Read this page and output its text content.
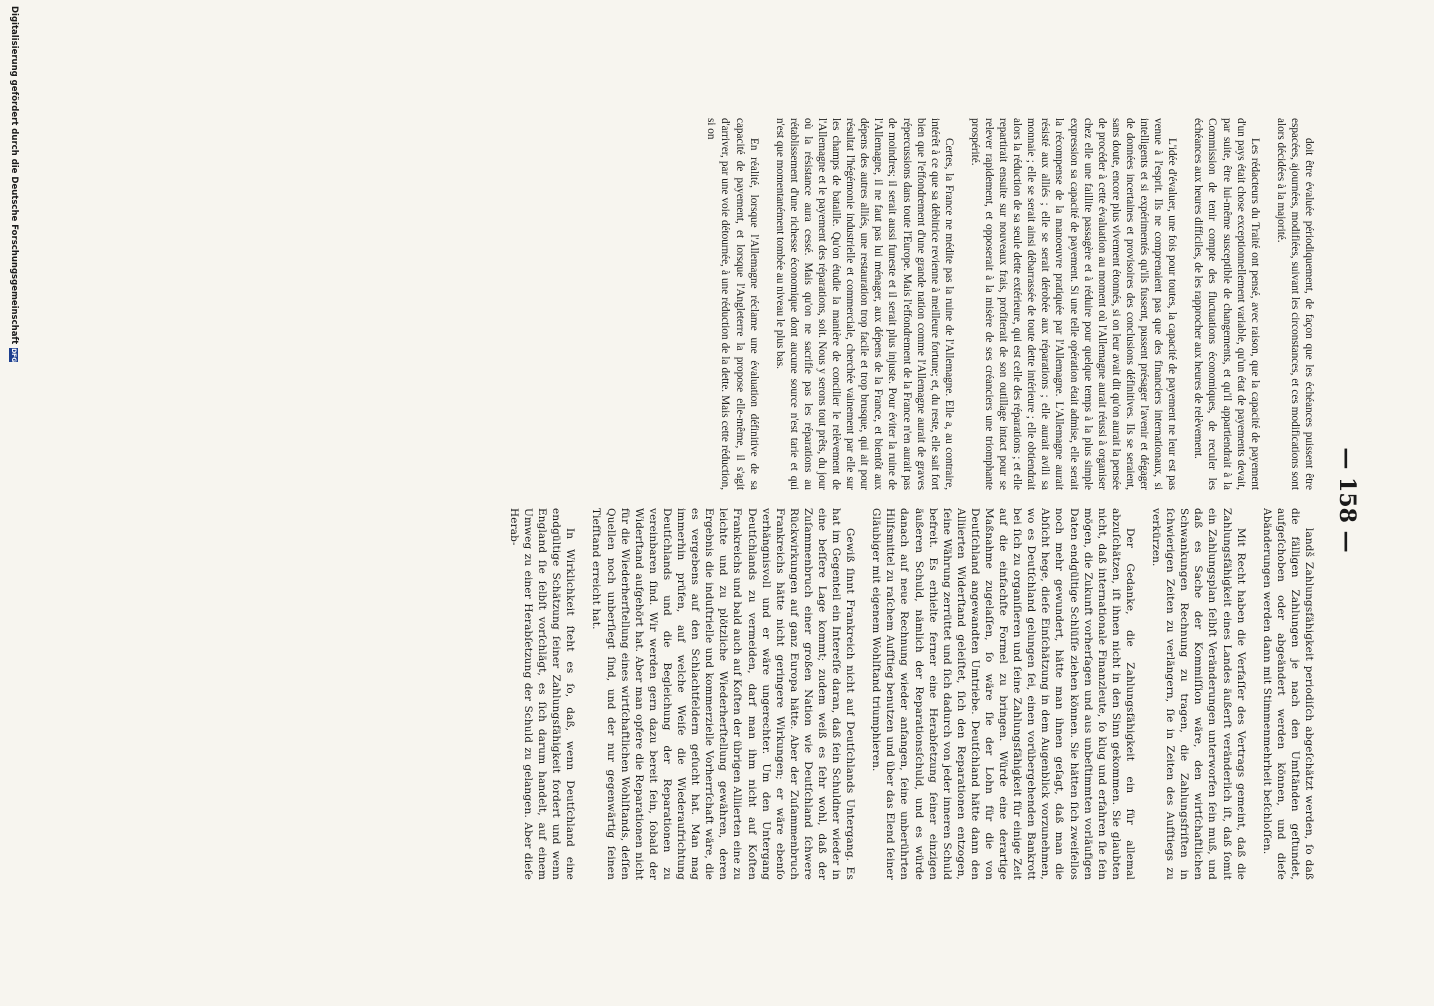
— 158 —

doit être évaluée périodiquement, de façon que les échéances puissent être espacées, ajournées, modifiées, suivant les circonstances, et ces modifications sont alors décidées à la majorité.

Les rédacteurs du Traité ont pensé, avec raison, que la capacité de payement d'un pays était chose exceptionnellement variable, qu'un état de payements devait, par suite, être lui-même susceptible de changements, et qu'il appartiendrait à la Commission de tenir compte des fluctuations économiques, de reculer les échéances aux heures difficiles, de les rapprocher aux heures de relèvement.

L'idée d'évaluer, une fois pour toutes, la capacité de payement ne leur est pas venue à l'esprit. Ils ne comprenaient pas que des financiers internationaux, si intelligents et si expérimentés qu'ils fussent, pussent présager l'avenir et dégager de données incertaines et provisoires des conclusions définitives. Ils se seraient, sans doute, encore plus vivement étonnés, si on leur avait dit qu'on aurait la pensée de procéder à cette évaluation au moment où l'Allemagne aurait réussi à organiser chez elle une faillite passagère et à réduire pour quelque temps à la plus simple expression sa capacité de payement. Si une telle opération était admise, elle serait la récompense de la manoeuvre pratiquée par l'Allemagne. L'Allemagne aurait résisté aux alliés ; elle se serait dérobée aux réparations ; elle aurait avili sa monnaie ; elle se serait ainsi débarrassée de toute dette intérieure ; elle obtiendrait alors la réduction de sa seule dette extérieure, qui est celle des réparations ; et elle repartirait ensuite sur nouveaux frais, profiterait de son outillage intact pour se relever rapidement, et opposerait à la misère de ses créanciers une triomphante prospérité.

Certes, la France ne médite pas la ruine de l'Allemagne. Elle a, au contraire, intérêt à ce que sa débitrice revienne à meilleure fortune; et, du reste, elle sait fort bien que l'effondrement d'une grande nation comme l'Allemagne aurait de graves répercussions dans toute l'Europe. Mais l'effondrement de la France n'en aurait pas de moindres; il serait aussi funeste et il serait plus injuste. Pour éviter la ruine de l'Allemagne, il ne faut pas lui ménager, aux dépens de la France, et bientôt aux dépens des autres alliés, une restauration trop facile et trop brusque, qui ait pour résultat l'hégémonie industrielle et commerciale, cherchée vainement par elle sur les champs de bataille. Qu'on étudie la manière de concilier le relèvement de l'Allemagne et le payement des réparations, soit. Nous y serons tout prêts, du jour où la résistance aura cessé. Mais qu'on ne sacrifie pas les réparations au rétablissement d'une richesse économique dont aucune source n'est tarie et qui n'est que momentanément tombée au niveau le plus bas.

En réalité, lorsque l'Allemagne réclame une évaluation définitive de sa capacité de payement, et lorsque l'Angleterre la propose elle-même, il s'agit d'arriver, par une voie détournée, à une réduction de la dette. Mais cette réduction, si on

landš Zahlungsfähigkeit periodiſch abgeſchätzt werden, ſo daß die fälligen Zahlungen je nach den Umſtänden geſtundet, aufgeſchoben oder abgeändert werden können, und dieſe Abänderungen werden dann mit Stimmenmehrheit beſchloſſen.

Mit Recht haben die Verfaſſer des Vertrags gemeint, daß die Zahlungsfähigkeit eines Landes äußerſt veränderlich iſt, daß ſomit ein Zahlungsplan ſelbſt Veränderungen unterworfen ſein muß, und daß es Sache der Kommiſſion wäre, den wirtſchaftlichen Schwankungen Rechnung zu tragen, die Zahlungsfriſten in ſchwierigen Zeiten zu verlängern, ſie in Zeiten des Aufſtiegs zu verkürzen.

Der Gedanke, die Zahlungsfähigkeit ein für allemal abzuſchätzen, iſt ihnen nicht in den Sinn gekommen. Sie glaubten nicht, daß internationale Finanzleute, ſo klug und erfahren ſie ſein mögen, die Zukunft vorherſagen und aus unbeſtimmten vorläufigen Daten endgültige Schlüſſe ziehen können. Sie hätten ſich zweifellos noch mehr gewundert, hätte man ihnen geſagt, daß man die Abſicht hege, dieſe Einſchätzung in dem Augenblick vorzunehmen, wo es Deutſchland gelungen ſei, einen vorübergehenden Bankrott bei ſich zu organiſieren und ſeine Zahlungsfähigkeit für einige Zeit auf die einfachſte Formel zu bringen. Würde eine derartige Maßnahme zugelaſſen, ſo wäre ſie der Lohn für die von Deutſchland angewandten Umtriebe. Deutſchland hätte dann den Alliierten Widerſtand geleiſtet, ſich den Reparationen entzogen, ſeine Währung zerrüttet und ſich dadurch von jeder inneren Schuld befreit. Es erhielte ferner eine Herabſetzung ſeiner einzigen äußeren Schuld, nämlich der Reparationsſchuld, und es würde danach auf neue Rechnung wieder anfangen, ſeine unberührten Hilfsmittel zu raſchem Aufſtieg benutzen und über das Elend ſeiner Gläubiger mit eigenem Wohlſtand triumphieren.

Gewiß ſinnt Frankreich nicht auf Deutſchlands Untergang. Es hat im Gegenteil ein Intereſſe daran, daß ſein Schuldner wieder in eine beſſere Lage kommt; zudem weiß es ſehr wohl, daß der Zuſammenbruch einer großen Nation wie Deutſchland ſchwere Rückwirkungen auf ganz Europa hätte. Aber der Zuſammenbruch Frankreichs hätte nicht geringere Wirkungen; er wäre ebenſo verhängnisvoll und er wäre ungerechter. Um den Untergang Deutſchlands zu vermeiden, darf man ihm nicht auf Koſten Frankreichs und bald auch auf Koſten der übrigen Alliierten eine zu leichte und zu plötzliche Wiederherſtellung gewähren, deren Ergebnis die induſtrielle und kommerzielle Vorherrſchaft wäre, die es vergebens auf den Schlachtfeldern geſucht hat. Man mag immerhin prüfen, auf welche Weiſe die Wiederaufrichtung Deutſchlands und die Begleichung der Reparationen zu vereinbaren ſind. Wir werden gern dazu bereit ſein, ſobald der Widerſtand aufgehört hat. Aber man opfere die Reparationen nicht für die Wiederherſtellung eines wirtſchaftlichen Wohlſtands, deſſen Quellen noch unberſiegt ſind, und der nur gegenwärtig ſeinen Tiefſtand erreicht hat.

In Wirklichkeit ſteht es ſo, daß, wenn Deutſchland eine endgültige Schätzung ſeiner Zahlungsfähigkeit fordert und wenn England ſie ſelbſt vorſchlägt, es ſich darum handelt, auf einem Umweg zu einer Herabſetzung der Schuld zu gelangen. Aber dieſe Herab-

Digitalisierung gefördert durch die Deutsche Forschungsgemeinschaft
DFG
